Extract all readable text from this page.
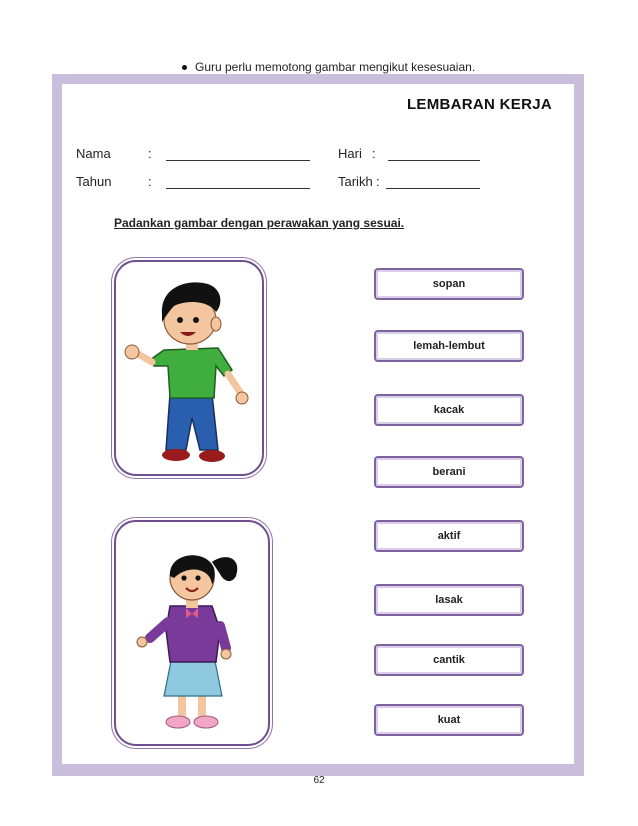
Guru perlu memotong gambar mengikut kesesuaian.
LEMBARAN KERJA
Nama	:	Hari :
Tahun	:	Tarikh :
Padankan gambar dengan perawakan yang sesuai.
sopan
lemah-lembut
kacak
berani
aktif
lasak
cantik
kuat
62
